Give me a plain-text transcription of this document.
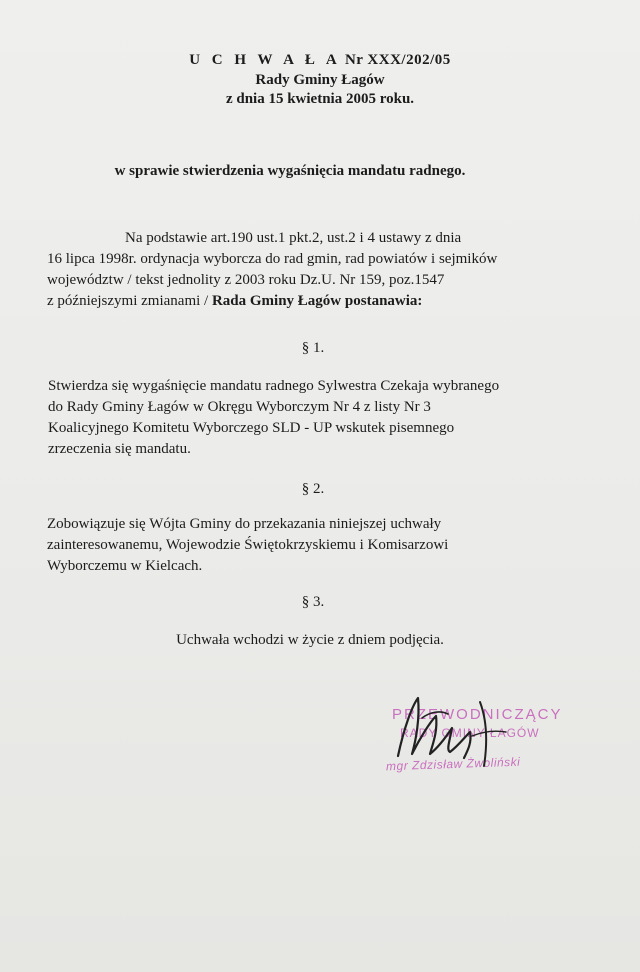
U C H W A Ł A Nr XXX/202/05
Rady Gminy Łagów
z dnia 15 kwietnia 2005 roku.
w sprawie stwierdzenia wygaśnięcia mandatu radnego.
Na podstawie art.190 ust.1 pkt.2, ust.2 i 4 ustawy z dnia
16 lipca 1998r. ordynacja wyborcza do rad gmin, rad powiatów i sejmików
województw / tekst jednolity z 2003 roku Dz.U. Nr 159, poz.1547
z późniejszymi zmianami / Rada Gminy Łagów postanawia:
§ 1.
Stwierdza się wygaśnięcie mandatu radnego Sylwestra Czekaja wybranego
do Rady Gminy Łagów w Okręgu Wyborczym Nr 4 z listy Nr 3
Koalicyjnego Komitetu Wyborczego SLD - UP wskutek pisemnego
zrzeczenia się mandatu.
§ 2.
Zobowiązuje się Wójta Gminy do przekazania niniejszej uchwały
zainteresowanemu, Wojewodzie Świętokrzyskiemu i Komisarzowi
Wyborczemu w Kielcach.
§ 3.
Uchwała wchodzi w życie z dniem podjęcia.
PRZEWODNICZĄCY
RADY GMINY ŁAGÓW
mgr Zdzisław Żwoliński
